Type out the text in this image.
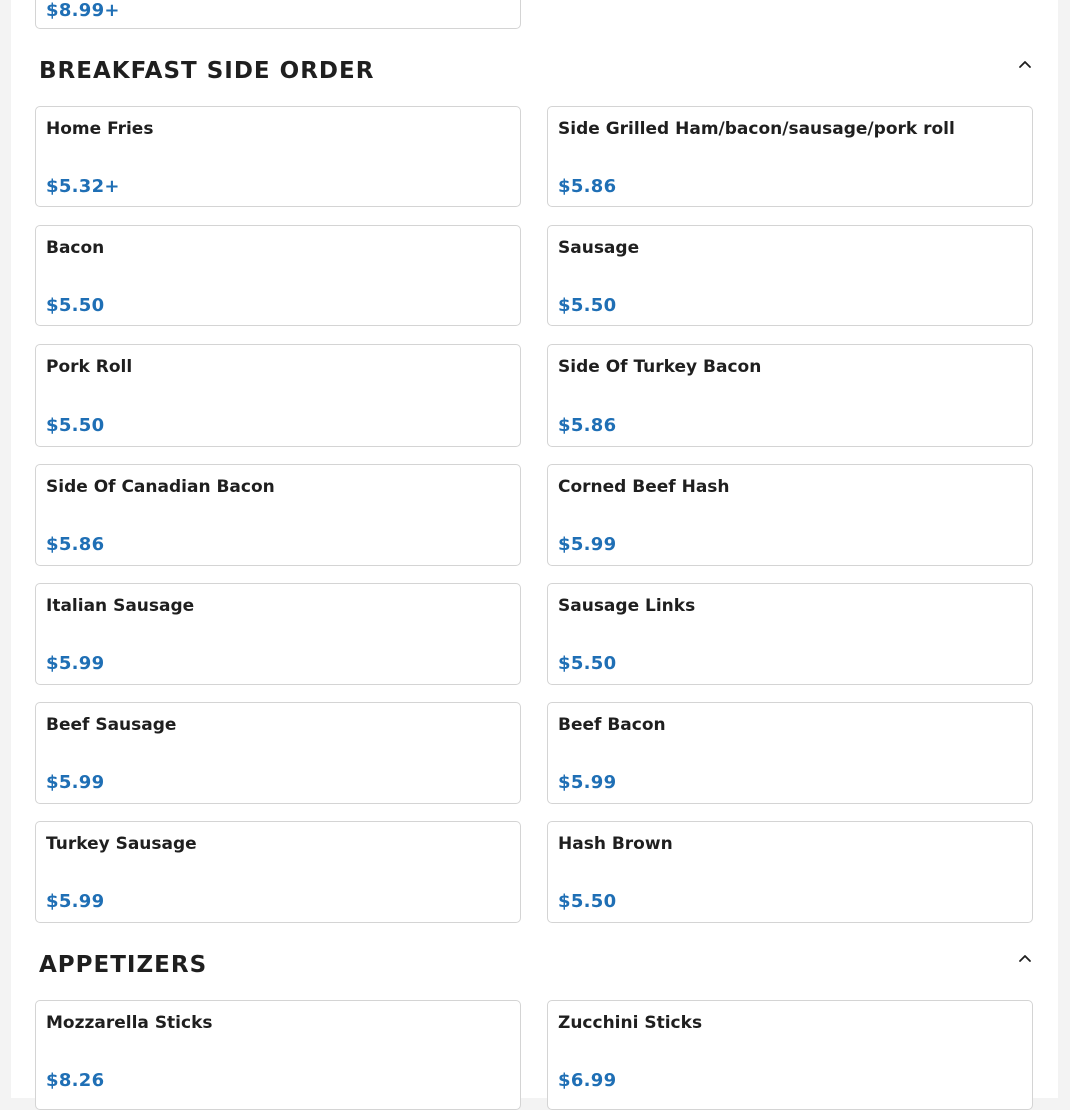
$8.99+
BREAKFAST SIDE ORDER
Home Fries
$5.32+
Side Grilled Ham/bacon/sausage/pork roll
$5.86
Bacon
$5.50
Sausage
$5.50
Pork Roll
$5.50
Side Of Turkey Bacon
$5.86
Side Of Canadian Bacon
$5.86
Corned Beef Hash
$5.99
Italian Sausage
$5.99
Sausage Links
$5.50
Beef Sausage
$5.99
Beef Bacon
$5.99
Turkey Sausage
$5.99
Hash Brown
$5.50
APPETIZERS
Mozzarella Sticks
$8.26
Zucchini Sticks
$6.99
